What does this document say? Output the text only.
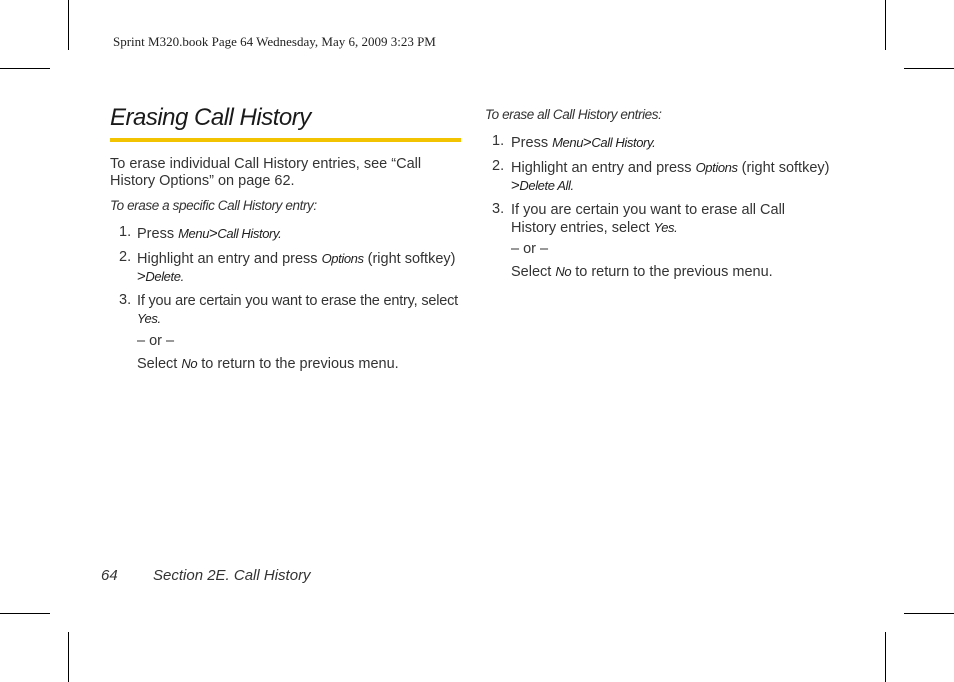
Sprint M320.book Page 64 Wednesday, May 6, 2009 3:23 PM
Erasing Call History
To erase individual Call History entries, see “Call History Options” on page 62.
To erase a specific Call History entry:
1. Press Menu>Call History.
2. Highlight an entry and press Options (right softkey)
>Delete.
3. If you are certain you want to erase the entry, select
Yes.
– or –
Select No to return to the previous menu.
To erase all Call History entries:
1. Press Menu>Call History.
2. Highlight an entry and press Options (right softkey)
>Delete All.
3. If you are certain you want to erase all Call History entries, select Yes.
– or –
Select No to return to the previous menu.
64 Section 2E. Call History
